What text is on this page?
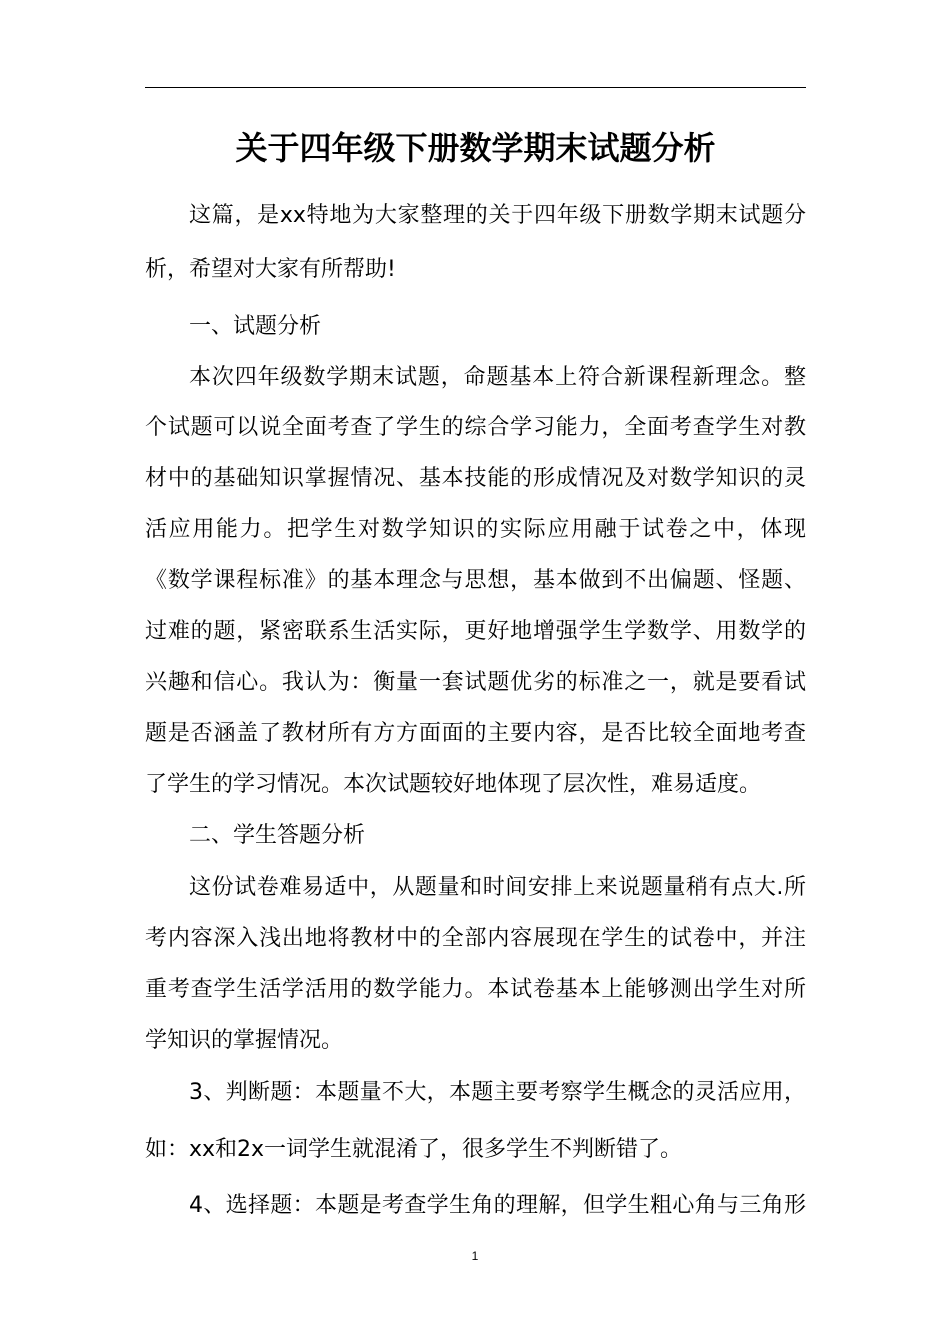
关于四年级下册数学期末试题分析
这篇，是xx特地为大家整理的关于四年级下册数学期末试题分
析，希望对大家有所帮助!
一、试题分析
本次四年级数学期末试题，命题基本上符合新课程新理念。整
个试题可以说全面考查了学生的综合学习能力，全面考查学生对教
材中的基础知识掌握情况、基本技能的形成情况及对数学知识的灵
活应用能力。把学生对数学知识的实际应用融于试卷之中，体现
《数学课程标准》的基本理念与思想，基本做到不出偏题、怪题、
过难的题，紧密联系生活实际，更好地增强学生学数学、用数学的
兴趣和信心。我认为：衡量一套试题优劣的标准之一，就是要看试
题是否涵盖了教材所有方方面面的主要内容，是否比较全面地考查
了学生的学习情况。本次试题较好地体现了层次性，难易适度。
二、学生答题分析
这份试卷难易适中，从题量和时间安排上来说题量稍有点大.所
考内容深入浅出地将教材中的全部内容展现在学生的试卷中，并注
重考查学生活学活用的数学能力。本试卷基本上能够测出学生对所
学知识的掌握情况。
3、判断题：本题量不大，本题主要考察学生概念的灵活应用，
如：xx和2x一词学生就混淆了，很多学生不判断错了。
4、选择题：本题是考查学生角的理解，但学生粗心角与三角形
1
